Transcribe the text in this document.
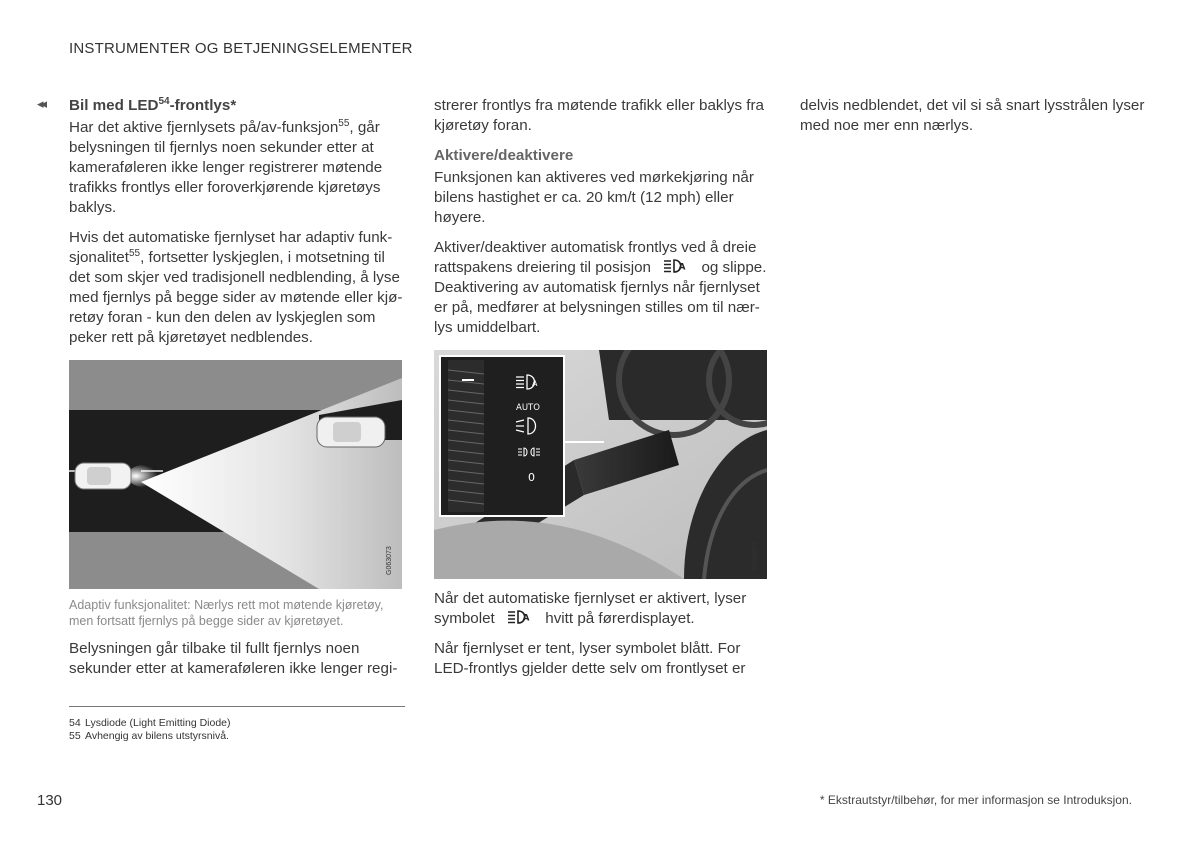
INSTRUMENTER OG BETJENINGSELEMENTER
◂◂ Bil med LED$^{54}$-frontlys*

Har det aktive fjernlysets på/av-funksjon$^{55}$, går belysningen til fjernlys noen sekunder etter at kameraføleren ikke lenger registrerer møtende trafikks frontlys eller foroverkjørende kjøretøys baklys.

Hvis det automatiske fjernlyset har adaptiv funksjonalitet$^{55}$, fortsetter lyskjeglen, i motsetning til det som skjer ved tradisjonell nedblending, å lyse med fjernlys på begge sider av møtende eller kjøretøy foran - kun den delen av lyskjeglen som peker rett på kjøretøyet nedblendes.

G063073
Adaptiv funksjonalitet: Nærlys rett mot møtende kjøretøy, men fortsatt fjernlys på begge sider av kjøretøyet.

Belysningen går tilbake til fullt fjernlys noen sekunder etter at kameraføleren ikke lenger regi-

strerer frontlys fra møtende trafikk eller baklys fra kjøretøy foran.

Aktivere/deaktivere

Funksjonen kan aktiveres ved mørkekjøring når bilens hastighet er ca. 20 km/t (12 mph) eller høyere.

Aktiver/deaktiver automatisk frontlys ved å dreie rattspakens dreiering til posisjon	A og slippe. Deaktivering av automatisk fjernlys når fjernlyset er på, medfører at belysningen stilles om til nærlys umiddelbart.

A
AUTO
0
G065671

Når det automatiske fjernlyset er aktivert, lyser symbolet	A hvitt på førerdisplayet.

Når fjernlyset er tent, lyser symbolet blått. For LED-frontlys gjelder dette selv om frontlyset er

delvis nedblendet, det vil si så snart lysstrålen lyser med noe mer enn nærlys.

54 Lysdiode (Light Emitting Diode)
55 Avhengig av bilens utstyrsnivå.
130	* Ekstrautstyr/tilbehør, for mer informasjon se Introduksjon.
